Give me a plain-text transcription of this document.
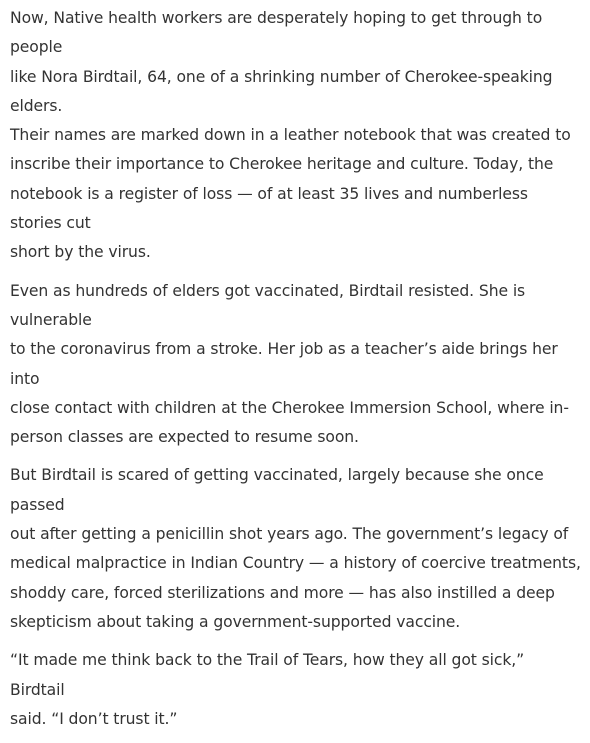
Now, Native health workers are desperately hoping to get through to people
like Nora Birdtail, 64, one of a shrinking number of Cherokee-speaking elders.
Their names are marked down in a leather notebook that was created to
inscribe their importance to Cherokee heritage and culture. Today, the
notebook is a register of loss — of at least 35 lives and numberless stories cut
short by the virus.

Even as hundreds of elders got vaccinated, Birdtail resisted. She is vulnerable
to the coronavirus from a stroke. Her job as a teacher’s aide brings her into
close contact with children at the Cherokee Immersion School, where in-
person classes are expected to resume soon.

But Birdtail is scared of getting vaccinated, largely because she once passed
out after getting a penicillin shot years ago. The government’s legacy of
medical malpractice in Indian Country — a history of coercive treatments,
shoddy care, forced sterilizations and more — has also instilled a deep
skepticism about taking a government-supported vaccine.

“It made me think back to the Trail of Tears, how they all got sick,” Birdtail
said. “I don’t trust it.”
